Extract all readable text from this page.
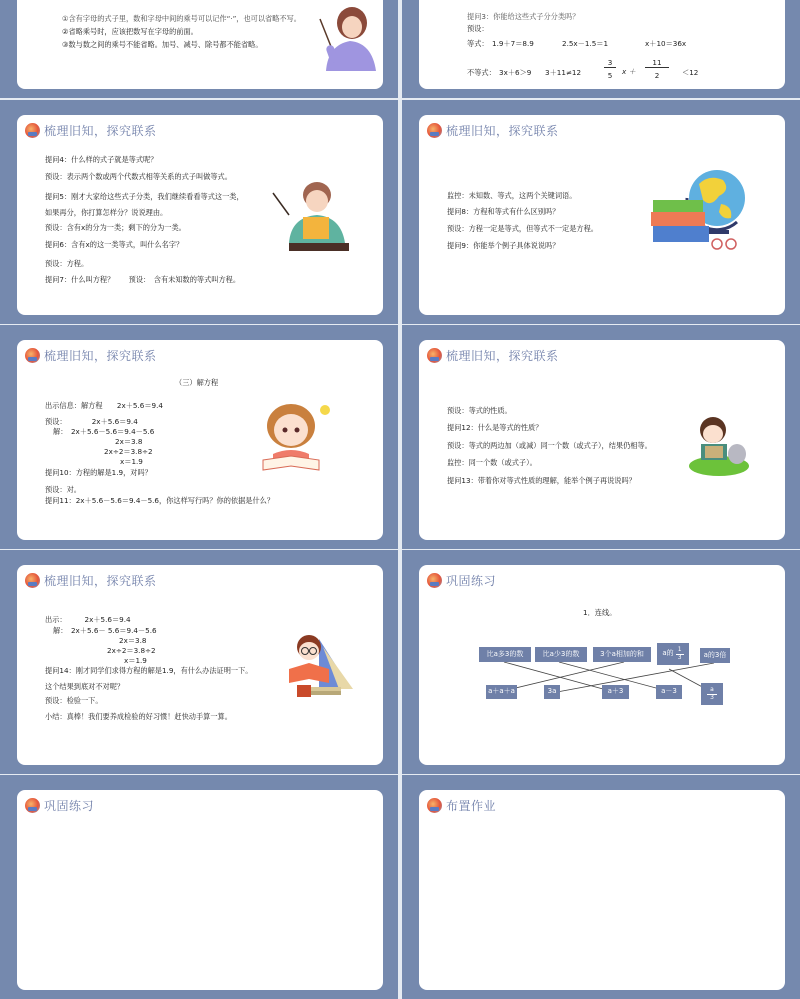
①含有字母的式子里，数和字母中间的乘号可以记作“·”，也可以省略不写。
②省略乘号时，应该把数写在字母的前面。
③数与数之间的乘号不能省略。加号、减号、除号都不能省略。
提问3：你能给这些式子分分类吗？
预设：
等式： 1.9＋7＝8.9	2.5x－1.5＝1	x＋10＝36x
不等式： 3x＋6＞9 3＋11≠12
3
5	x ＋
11
2	＜12
梳理旧知，探究联系
提问4：什么样的式子就是等式呢？
预设：表示两个数或两个代数式相等关系的式子叫做等式。
提问5：刚才大家给这些式子分类，我们继续看看等式这一类，
如果再分，你打算怎样分？说说理由。
预设：含有x的分为一类；剩下的分为一类。
提问6：含有x的这一类等式，叫什么名字？
预设：方程。
提问7：什么叫方程？　　预设：　含有未知数的等式叫方程。
梳理旧知，探究联系
监控：未知数、等式，这两个关键词语。
提问8：方程和等式有什么区别吗？
预设：方程一定是等式，但等式不一定是方程。
提问9：你能举个例子具体说说吗？
梳理旧知，探究联系
（三）解方程
出示信息：解方程　　2x＋5.6＝9.4
预设：　　　　2x＋5.6＝9.4
解：　2x＋5.6－5.6＝9.4－5.6
2x＝3.8
2x÷2＝3.8÷2
x＝1.9
提问10：方程的解是1.9，对吗？
预设：对。
提问11：2x＋5.6－5.6＝9.4－5.6，你这样写行吗？你的依据是什么？
梳理旧知，探究联系
预设：等式的性质。
提问12：什么是等式的性质？
预设：等式的两边加（或减）同一个数（或式子），结果仍相等。
监控：同一个数（或式子）。
提问13：带着你对等式性质的理解，能举个例子再说说吗？
梳理旧知，探究联系
出示：　　　2x＋5.6＝9.4
解：　2x＋5.6－ 5.6＝9.4－5.6
2x＝3.8
2x÷2＝3.8÷2
x＝1.9
提问14：刚才同学们求得方程的解是1.9，有什么办法证明一下。
这个结果到底对不对呢？
预设：检验一下。
小结：真棒！我们要养成检验的好习惯！赶快动手算一算。
巩固练习
1．连线。
比a多3的数	比a少3的数	3个a相加的和	a的 1
3	a的3倍
a＋a＋a	3a	a＋3	a－3	a
3
巩固练习	布置作业
